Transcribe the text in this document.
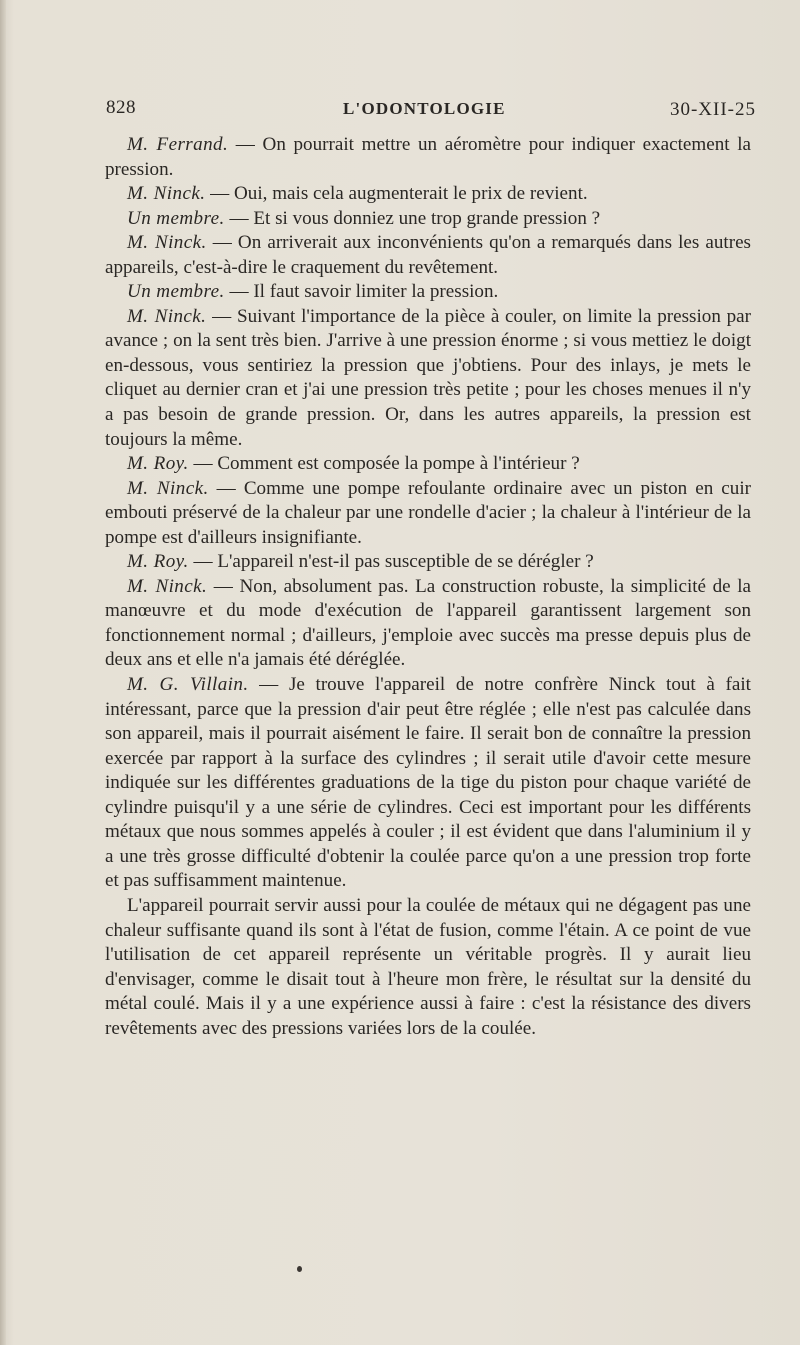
828	L'ODONTOLOGIE	30-XII-25

M. Ferrand. — On pourrait mettre un aéromètre pour indiquer exactement la pression.

M. Ninck. — Oui, mais cela augmenterait le prix de revient.

Un membre. — Et si vous donniez une trop grande pression ?

M. Ninck. — On arriverait aux inconvénients qu'on a remarqués dans les autres appareils, c'est-à-dire le craquement du revêtement.

Un membre. — Il faut savoir limiter la pression.

M. Ninck. — Suivant l'importance de la pièce à couler, on limite la pression par avance ; on la sent très bien. J'arrive à une pression énorme ; si vous mettiez le doigt en-dessous, vous sentiriez la pression que j'obtiens. Pour des inlays, je mets le cliquet au dernier cran et j'ai une pression très petite ; pour les choses menues il n'y a pas besoin de grande pression. Or, dans les autres appareils, la pression est toujours la même.

M. Roy. — Comment est composée la pompe à l'intérieur ?

M. Ninck. — Comme une pompe refoulante ordinaire avec un piston en cuir embouti préservé de la chaleur par une rondelle d'acier ; la chaleur à l'intérieur de la pompe est d'ailleurs insignifiante.

M. Roy. — L'appareil n'est-il pas susceptible de se dérégler ?

M. Ninck. — Non, absolument pas. La construction robuste, la simplicité de la manœuvre et du mode d'exécution de l'appareil garantissent largement son fonctionnement normal ; d'ailleurs, j'emploie avec succès ma presse depuis plus de deux ans et elle n'a jamais été déréglée.

M. G. Villain. — Je trouve l'appareil de notre confrère Ninck tout à fait intéressant, parce que la pression d'air peut être réglée ; elle n'est pas calculée dans son appareil, mais il pourrait aisément le faire. Il serait bon de connaître la pression exercée par rapport à la surface des cylindres ; il serait utile d'avoir cette mesure indiquée sur les différentes graduations de la tige du piston pour chaque variété de cylindre puisqu'il y a une série de cylindres. Ceci est important pour les différents métaux que nous sommes appelés à couler ; il est évident que dans l'aluminium il y a une très grosse difficulté d'obtenir la coulée parce qu'on a une pression trop forte et pas suffisamment maintenue.

L'appareil pourrait servir aussi pour la coulée de métaux qui ne dégagent pas une chaleur suffisante quand ils sont à l'état de fusion, comme l'étain. A ce point de vue l'utilisation de cet appareil représente un véritable progrès. Il y aurait lieu d'envisager, comme le disait tout à l'heure mon frère, le résultat sur la densité du métal coulé. Mais il y a une expérience aussi à faire : c'est la résistance des divers revêtements avec des pressions variées lors de la coulée.
